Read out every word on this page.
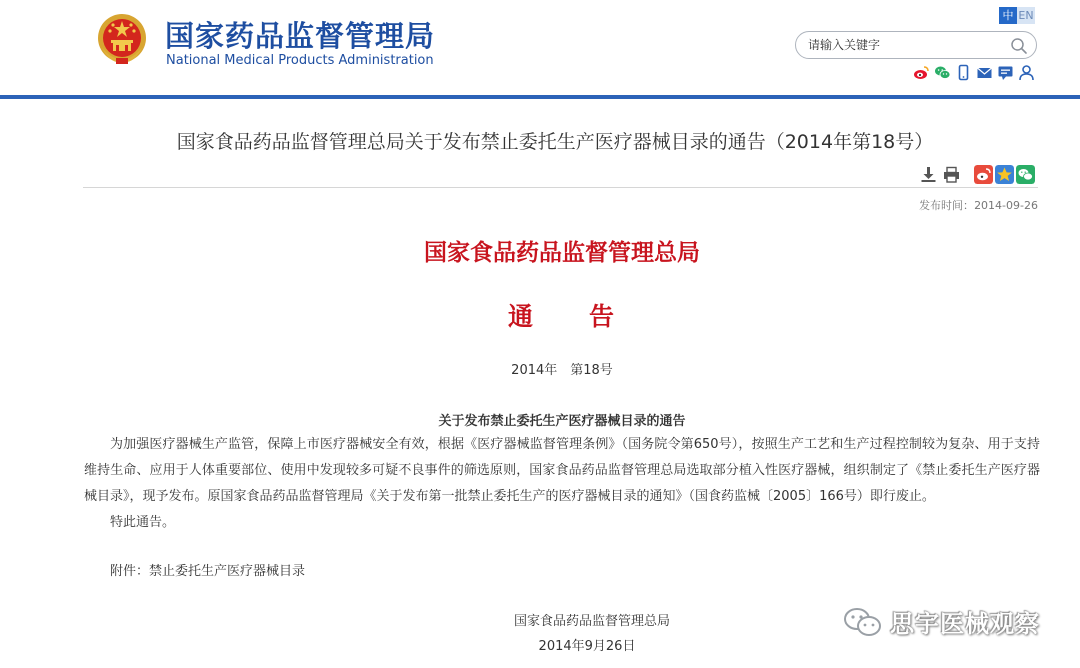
国家药品监督管理局
National Medical Products Administration
中 EN
请输入关键字
国家食品药品监督管理总局关于发布禁止委托生产医疗器械目录的通告（2014年第18号）
发布时间：2014-09-26
国家食品药品监督管理总局
通　　告
2014年　第18号
关于发布禁止委托生产医疗器械目录的通告
为加强医疗器械生产监管，保障上市医疗器械安全有效，根据《医疗器械监督管理条例》（国务院令第650号），按照生产工艺和生产过程控制较为复杂、用于支持维持生命、应用于人体重要部位、使用中发现较多可疑不良事件的筛选原则，国家食品药品监督管理总局选取部分植入性医疗器械，组织制定了《禁止委托生产医疗器械目录》，现予发布。原国家食品药品监督管理局《关于发布第一批禁止委托生产的医疗器械目录的通知》（国食药监械〔2005〕166号）即行废止。
特此通告。
附件：禁止委托生产医疗器械目录
国家食品药品监督管理总局
2014年9月26日
思宇医械观察
